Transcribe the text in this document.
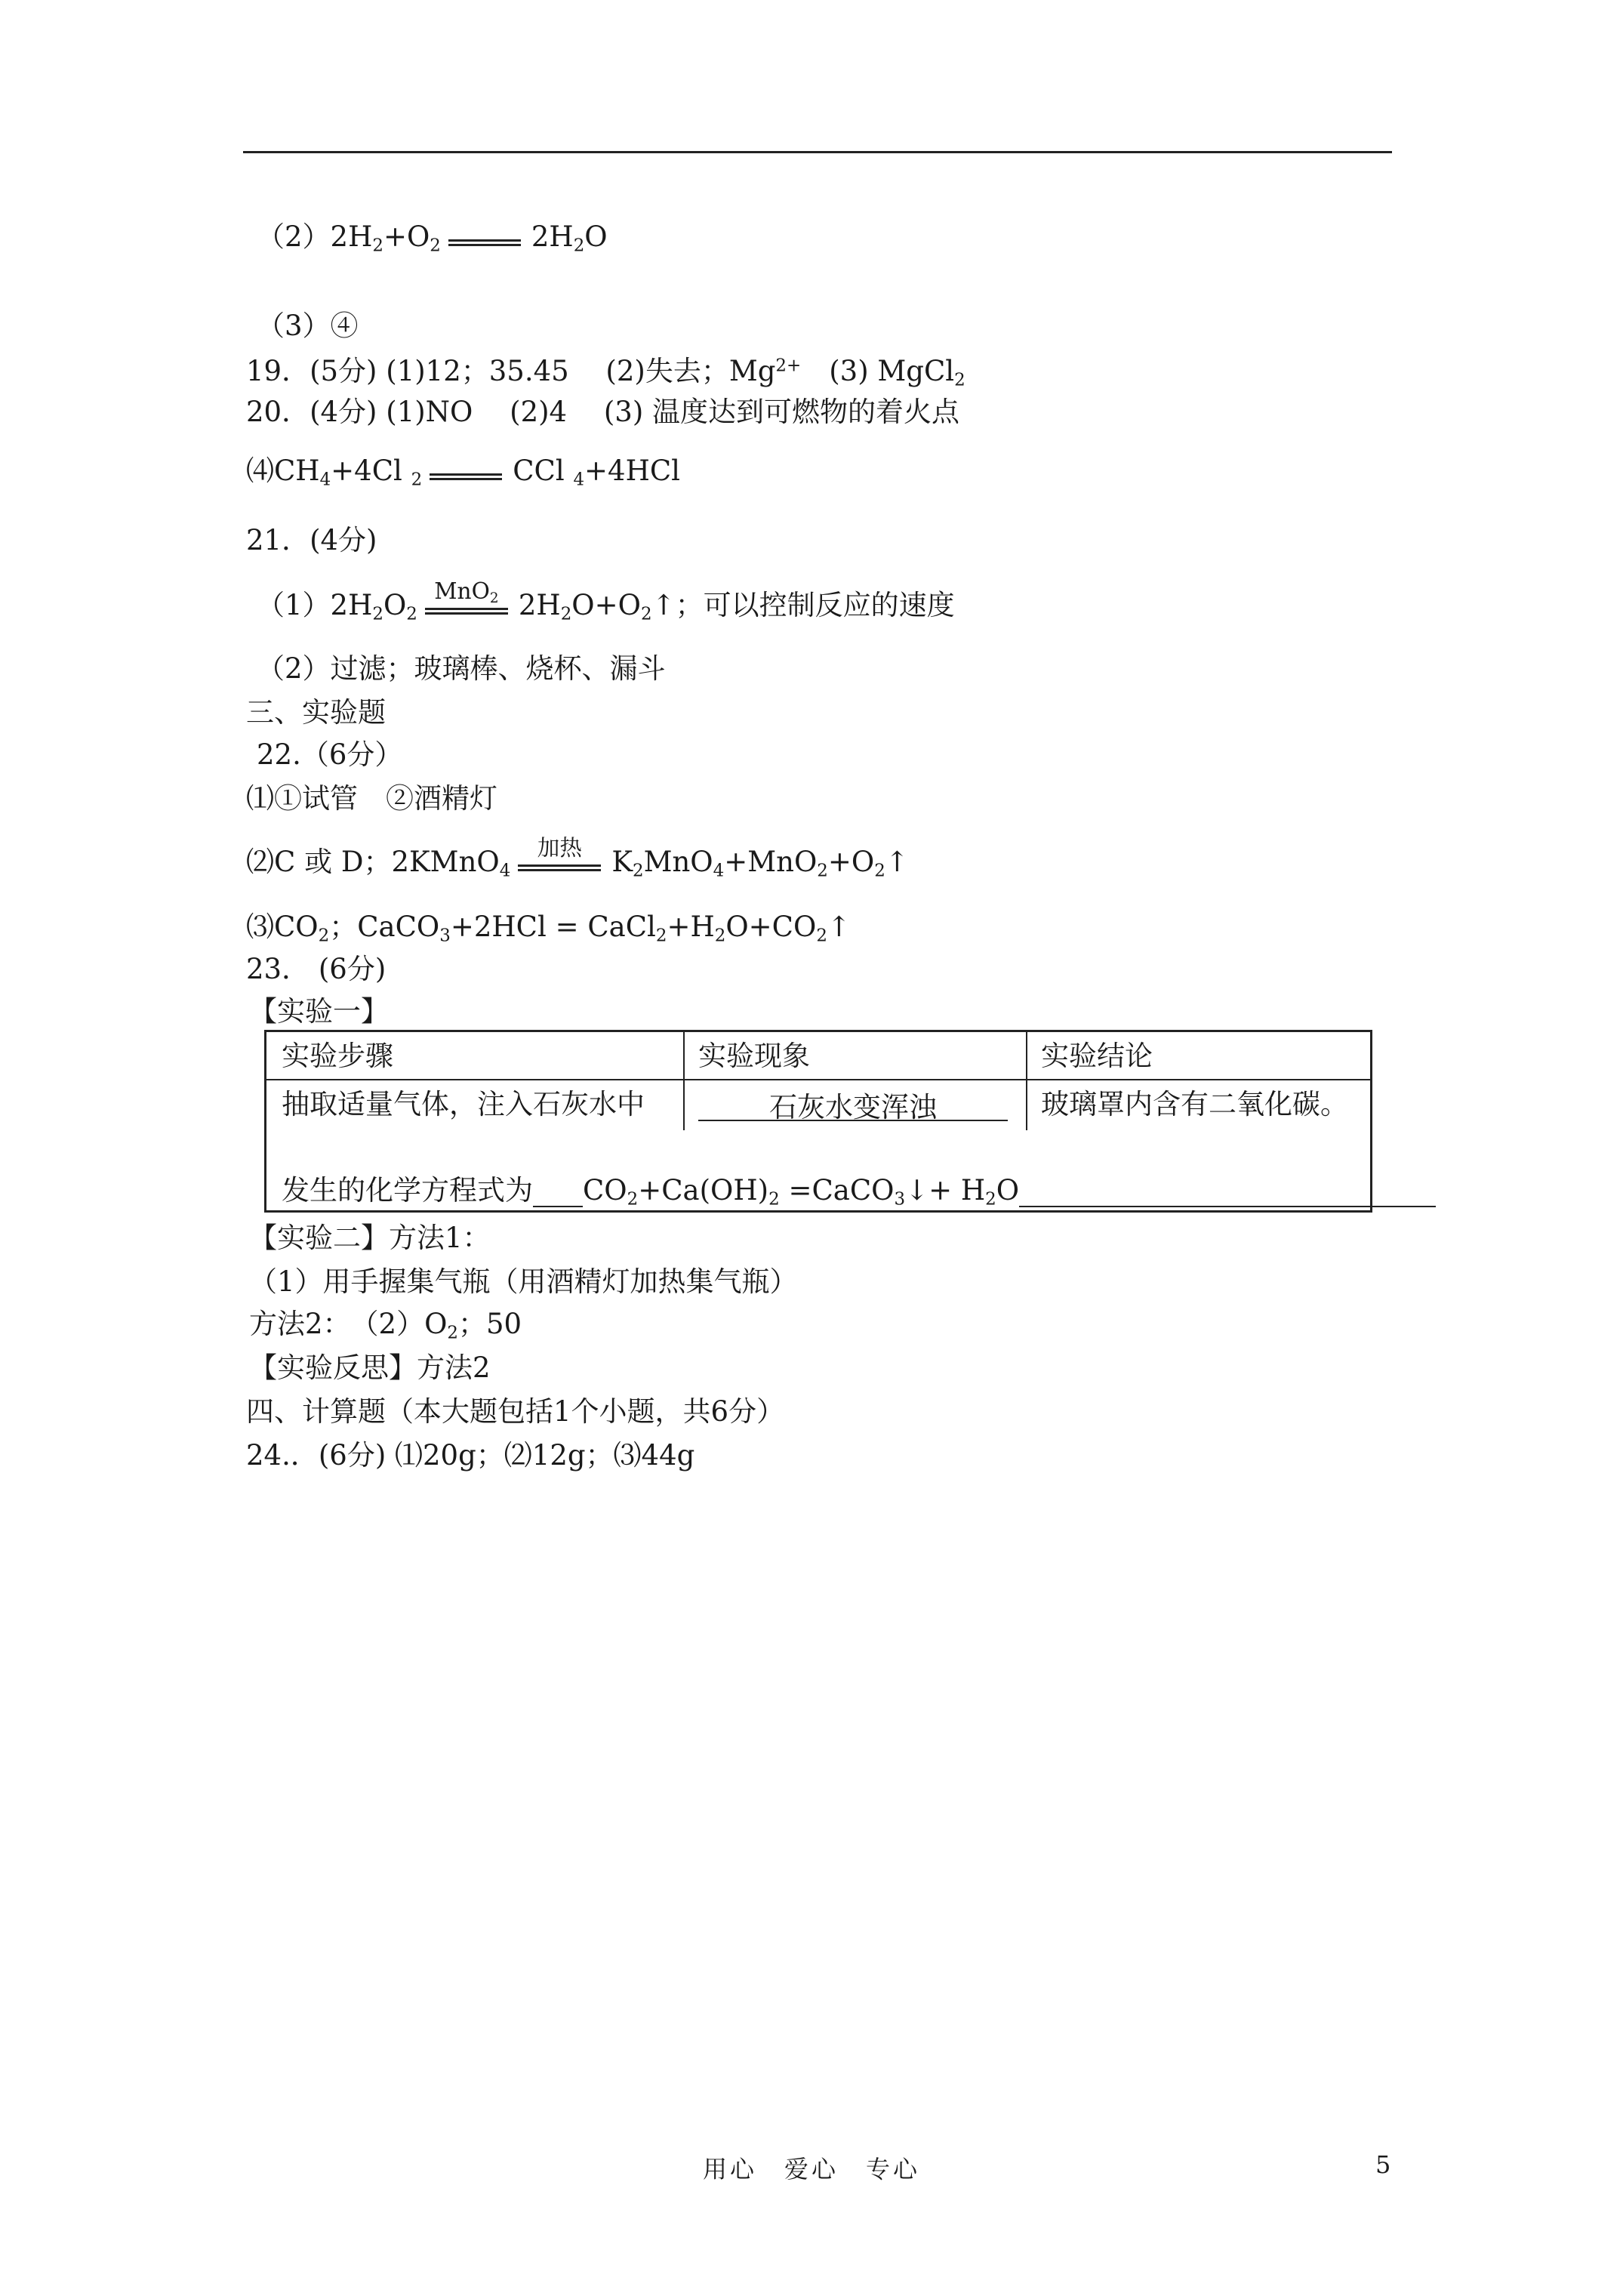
$(2)2H_2+O_2$	$2H_2O$
（3）④
19．(5分) (1)12；35.45　 (2)失去；$Mg^{2+}$　(3) MgCl$_2$
20．(4分) (1)NO　 (2)4　 (3) 温度达到可燃物的着火点
$⑷CH_4+4Cl$ $_2$	CCl $_4$+4HCl
21．(4分)
$(1)2H_2O_2$
MnO$_2$ $2H_2O+O_2↑$；可以控制反应的速度
（2）过滤；玻璃棒、烧杯、漏斗
三、实验题
22.（6分）
⑴①试管　②酒精灯
⑵C 或 D；2KMnO$_4$
加热	$K_2MnO_4+MnO_2+O_2↑$
$⑶CO_2$；CaCO$_3$+2HCl = $CaCl_2+H_2O+CO_2↑$
23． (6分)
【实验一】
实验步骤	实验现象	实验结论
抽取适量气体，注入石灰水中	石灰水变浑浊	玻璃罩内含有二氧化碳。
发生的化学方程式为 $CO_2+Ca(OH)_2$ =CaCO$_3$↓+ $H_2O$
【实验二】方法1：
（1）用手握集气瓶（用酒精灯加热集气瓶）
方法2：　$(2)O_2$；50
【实验反思】方法2
四、计算题（本大题包括1个小题，共6分）
24.．(6分) ⑴20g；⑵12g；⑶44g
用心　爱心　专心	5
